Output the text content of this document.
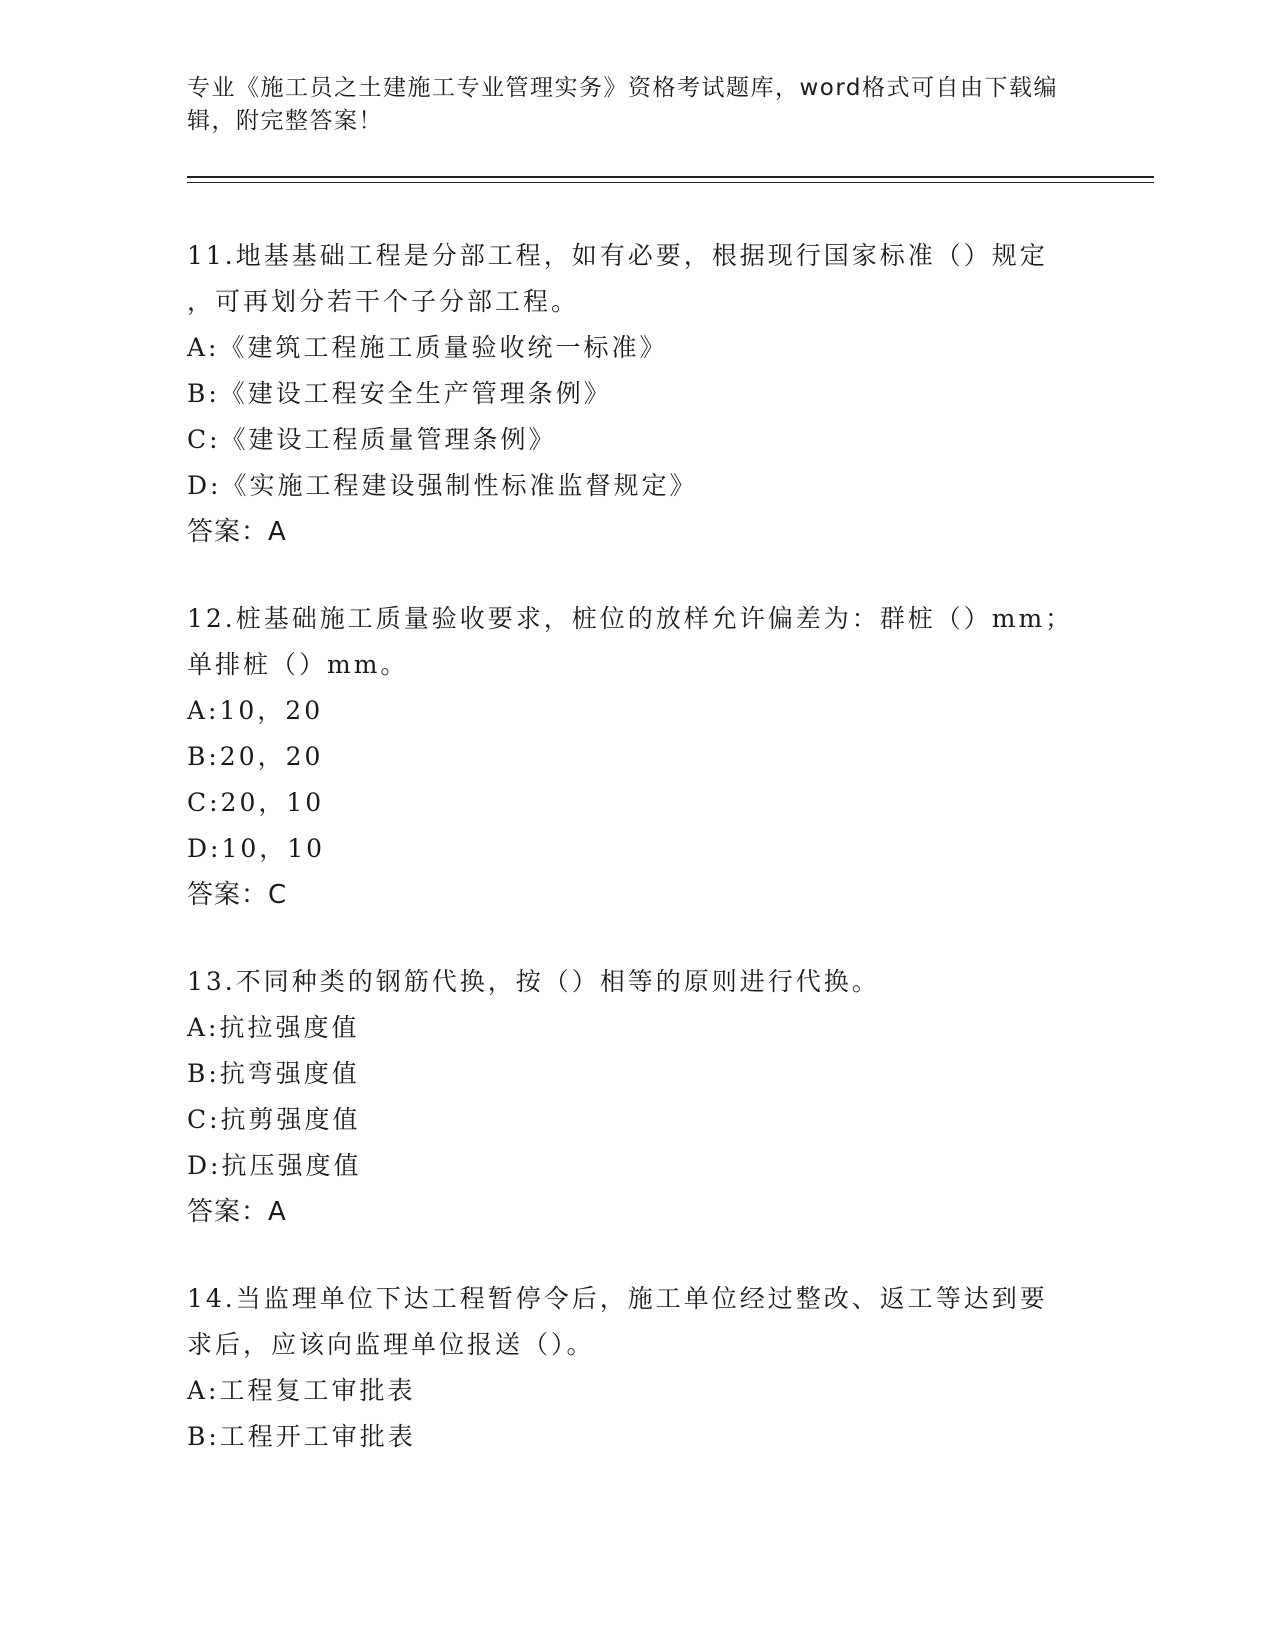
专业《施工员之土建施工专业管理实务》资格考试题库，word格式可自由下载编
辑，附完整答案！
11.地基基础工程是分部工程，如有必要，根据现行国家标准（）规定
，可再划分若干个子分部工程。
A:《建筑工程施工质量验收统一标准》
B:《建设工程安全生产管理条例》
C:《建设工程质量管理条例》
D:《实施工程建设强制性标准监督规定》
答案：A
12.桩基础施工质量验收要求，桩位的放样允许偏差为：群桩（）mm；
单排桩（）mm。
A:10，20
B:20，20
C:20，10
D:10，10
答案：C
13.不同种类的钢筋代换，按（）相等的原则进行代换。
A:抗拉强度值
B:抗弯强度值
C:抗剪强度值
D:抗压强度值
答案：A
14.当监理单位下达工程暂停令后，施工单位经过整改、返工等达到要
求后，应该向监理单位报送（）。
A:工程复工审批表
B:工程开工审批表
